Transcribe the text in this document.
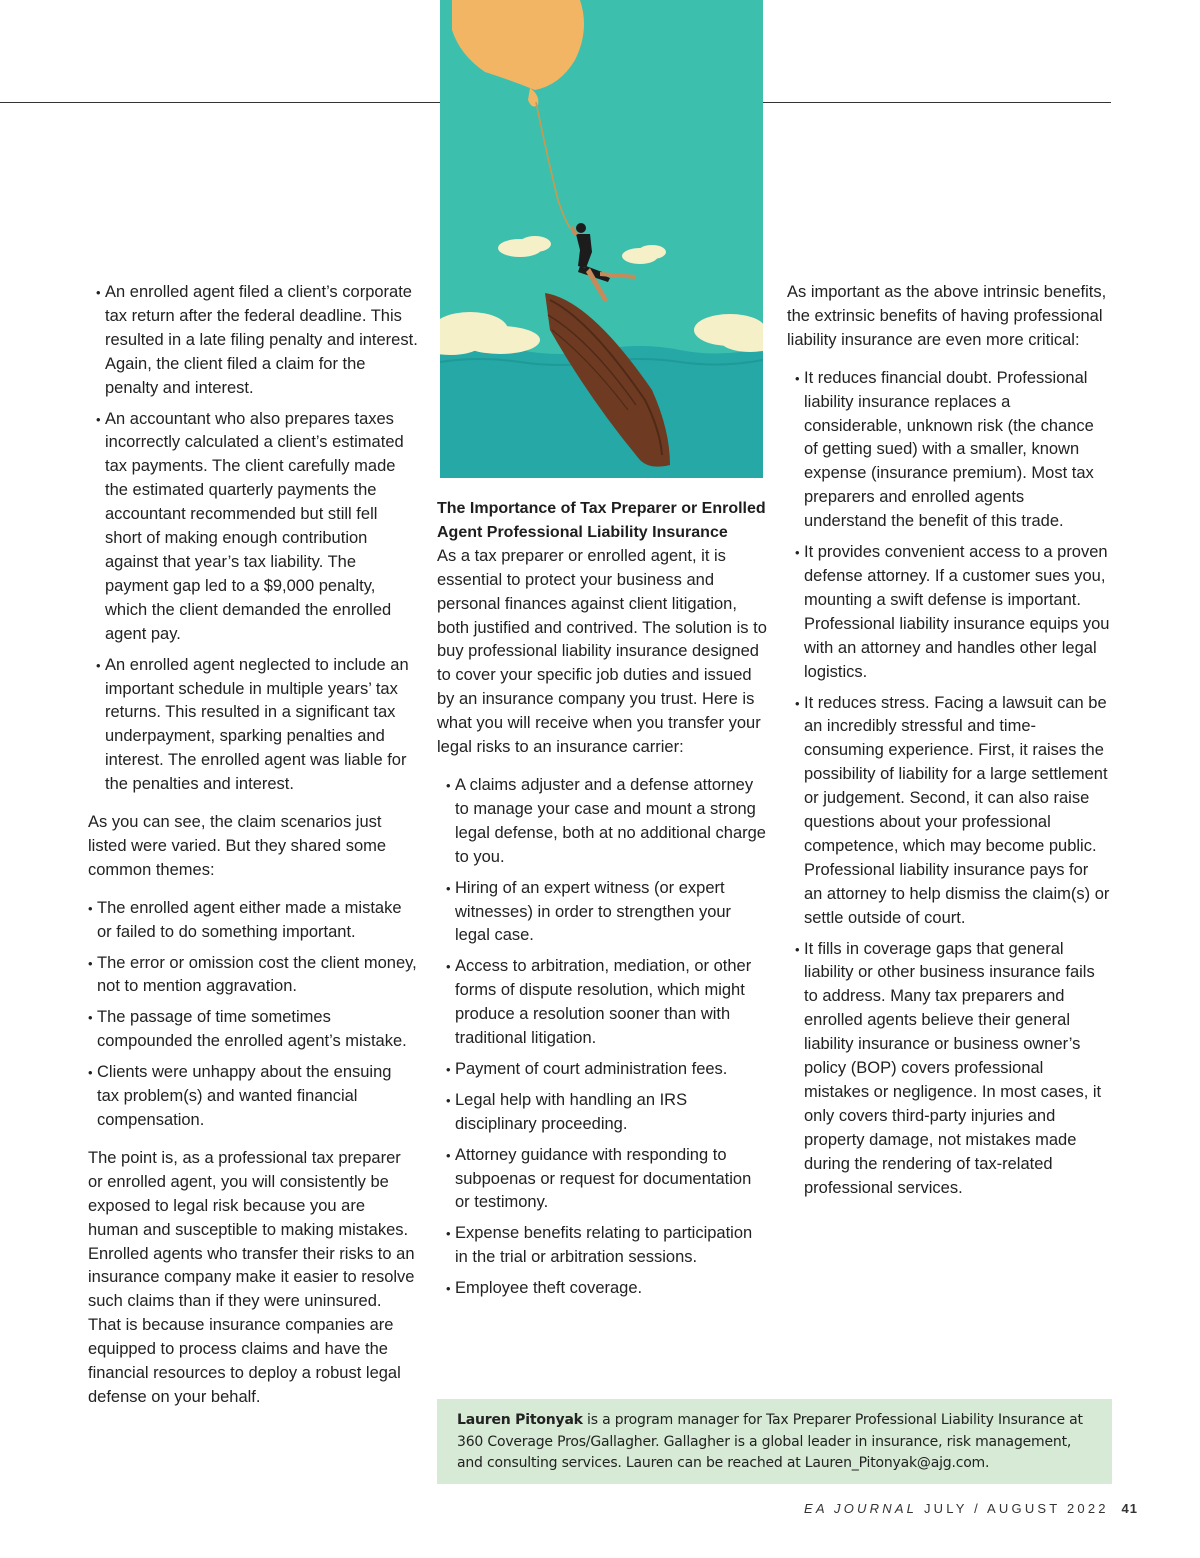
• An enrolled agent filed a client’s corporate tax return after the federal deadline. This resulted in a late filing penalty and interest. Again, the client filed a claim for the penalty and interest.
• An accountant who also prepares taxes incorrectly calculated a client’s estimated tax payments. The client carefully made the estimated quarterly payments the accountant recommended but still fell short of making enough contribution against that year’s tax liability. The payment gap led to a $9,000 penalty, which the client demanded the enrolled agent pay.
• An enrolled agent neglected to include an important schedule in multiple years’ tax returns. This resulted in a significant tax underpayment, sparking penalties and interest. The enrolled agent was liable for the penalties and interest.

As you can see, the claim scenarios just listed were varied. But they shared some common themes:

• The enrolled agent either made a mistake or failed to do something important.
• The error or omission cost the client money, not to mention aggravation.
• The passage of time sometimes compounded the enrolled agent’s mistake.
• Clients were unhappy about the ensuing tax problem(s) and wanted financial compensation.

The point is, as a professional tax preparer or enrolled agent, you will consistently be exposed to legal risk because you are human and susceptible to making mistakes. Enrolled agents who transfer their risks to an insurance company make it easier to resolve such claims than if they were uninsured. That is because insurance companies are equipped to process claims and have the financial resources to deploy a robust legal defense on your behalf.

The Importance of Tax Preparer or Enrolled Agent Professional Liability Insurance

As a tax preparer or enrolled agent, it is essential to protect your business and personal finances against client litigation, both justified and contrived. The solution is to buy professional liability insurance designed to cover your specific job duties and issued by an insurance company you trust. Here is what you will receive when you transfer your legal risks to an insurance carrier:

• A claims adjuster and a defense attorney to manage your case and mount a strong legal defense, both at no additional charge to you.
• Hiring of an expert witness (or expert witnesses) in order to strengthen your legal case.
• Access to arbitration, mediation, or other forms of dispute resolution, which might produce a resolution sooner than with traditional litigation.
• Payment of court administration fees.
• Legal help with handling an IRS disciplinary proceeding.
• Attorney guidance with responding to subpoenas or request for documentation or testimony.
• Expense benefits relating to participation in the trial or arbitration sessions.
• Employee theft coverage.

As important as the above intrinsic benefits, the extrinsic benefits of having professional liability insurance are even more critical:

• It reduces financial doubt. Professional liability insurance replaces a considerable, unknown risk (the chance of getting sued) with a smaller, known expense (insurance premium). Most tax preparers and enrolled agents understand the benefit of this trade.
• It provides convenient access to a proven defense attorney. If a customer sues you, mounting a swift defense is important. Professional liability insurance equips you with an attorney and handles other legal logistics.
• It reduces stress. Facing a lawsuit can be an incredibly stressful and time-consuming experience. First, it raises the possibility of liability for a large settlement or judgement. Second, it can also raise questions about your professional competence, which may become public. Professional liability insurance pays for an attorney to help dismiss the claim(s) or settle outside of court.
• It fills in coverage gaps that general liability or other business insurance fails to address. Many tax preparers and enrolled agents believe their general liability insurance or business owner’s policy (BOP) covers professional mistakes or negligence. In most cases, it only covers third-party injuries and property damage, not mistakes made during the rendering of tax-related professional services.
Lauren Pitonyak is a program manager for Tax Preparer Professional Liability Insurance at 360 Coverage Pros/Gallagher. Gallagher is a global leader in insurance, risk management, and consulting services. Lauren can be reached at Lauren_Pitonyak@ajg.com.
EA JOURNAL JULY / AUGUST 2022 41
